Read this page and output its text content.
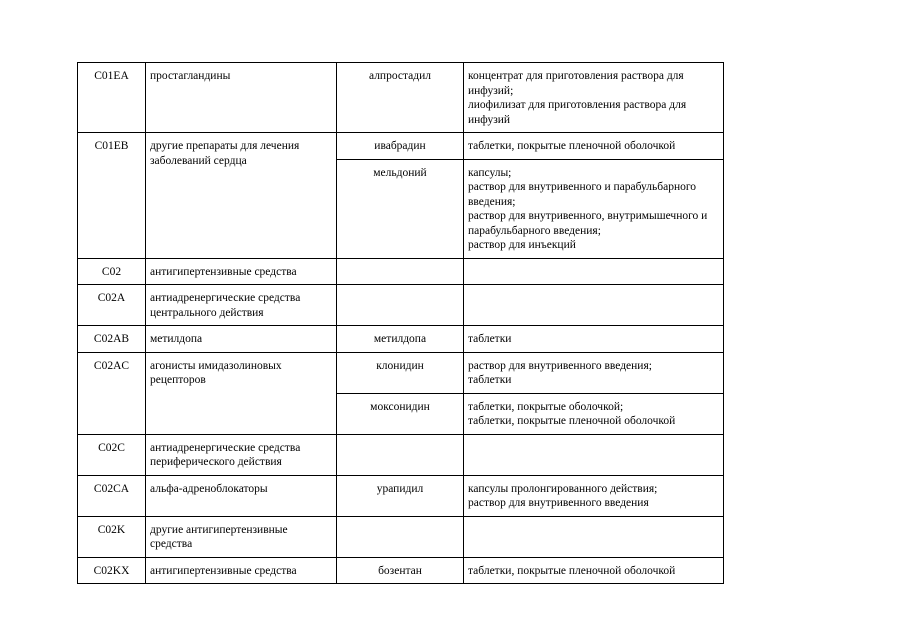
C01EA	простагландины	алпростадил	концентрат для приготовления раствора для инфузий;
лиофилизат для приготовления раствора для инфузий
C01EB	другие препараты для лечения заболеваний сердца	ивабрадин	таблетки, покрытые пленочной оболочкой
		мельдоний	капсулы;
раствор для внутривенного и парабульбарного введения;
раствор для внутривенного, внутримышечного и парабульбарного введения;
раствор для инъекций
C02	антигипертензивные средства		
C02A	антиадренергические средства центрального действия		
C02AB	метилдопа	метилдопа	таблетки
C02AC	агонисты имидазолиновых рецепторов	клонидин	раствор для внутривенного введения;
таблетки
		моксонидин	таблетки, покрытые оболочкой;
таблетки, покрытые пленочной оболочкой
C02C	антиадренергические средства периферического действия		
C02CA	альфа-адреноблокаторы	урапидил	капсулы пролонгированного действия;
раствор для внутривенного введения
C02K	другие антигипертензивные средства		
C02KX	антигипертензивные средства	бозентан	таблетки, покрытые пленочной оболочкой
